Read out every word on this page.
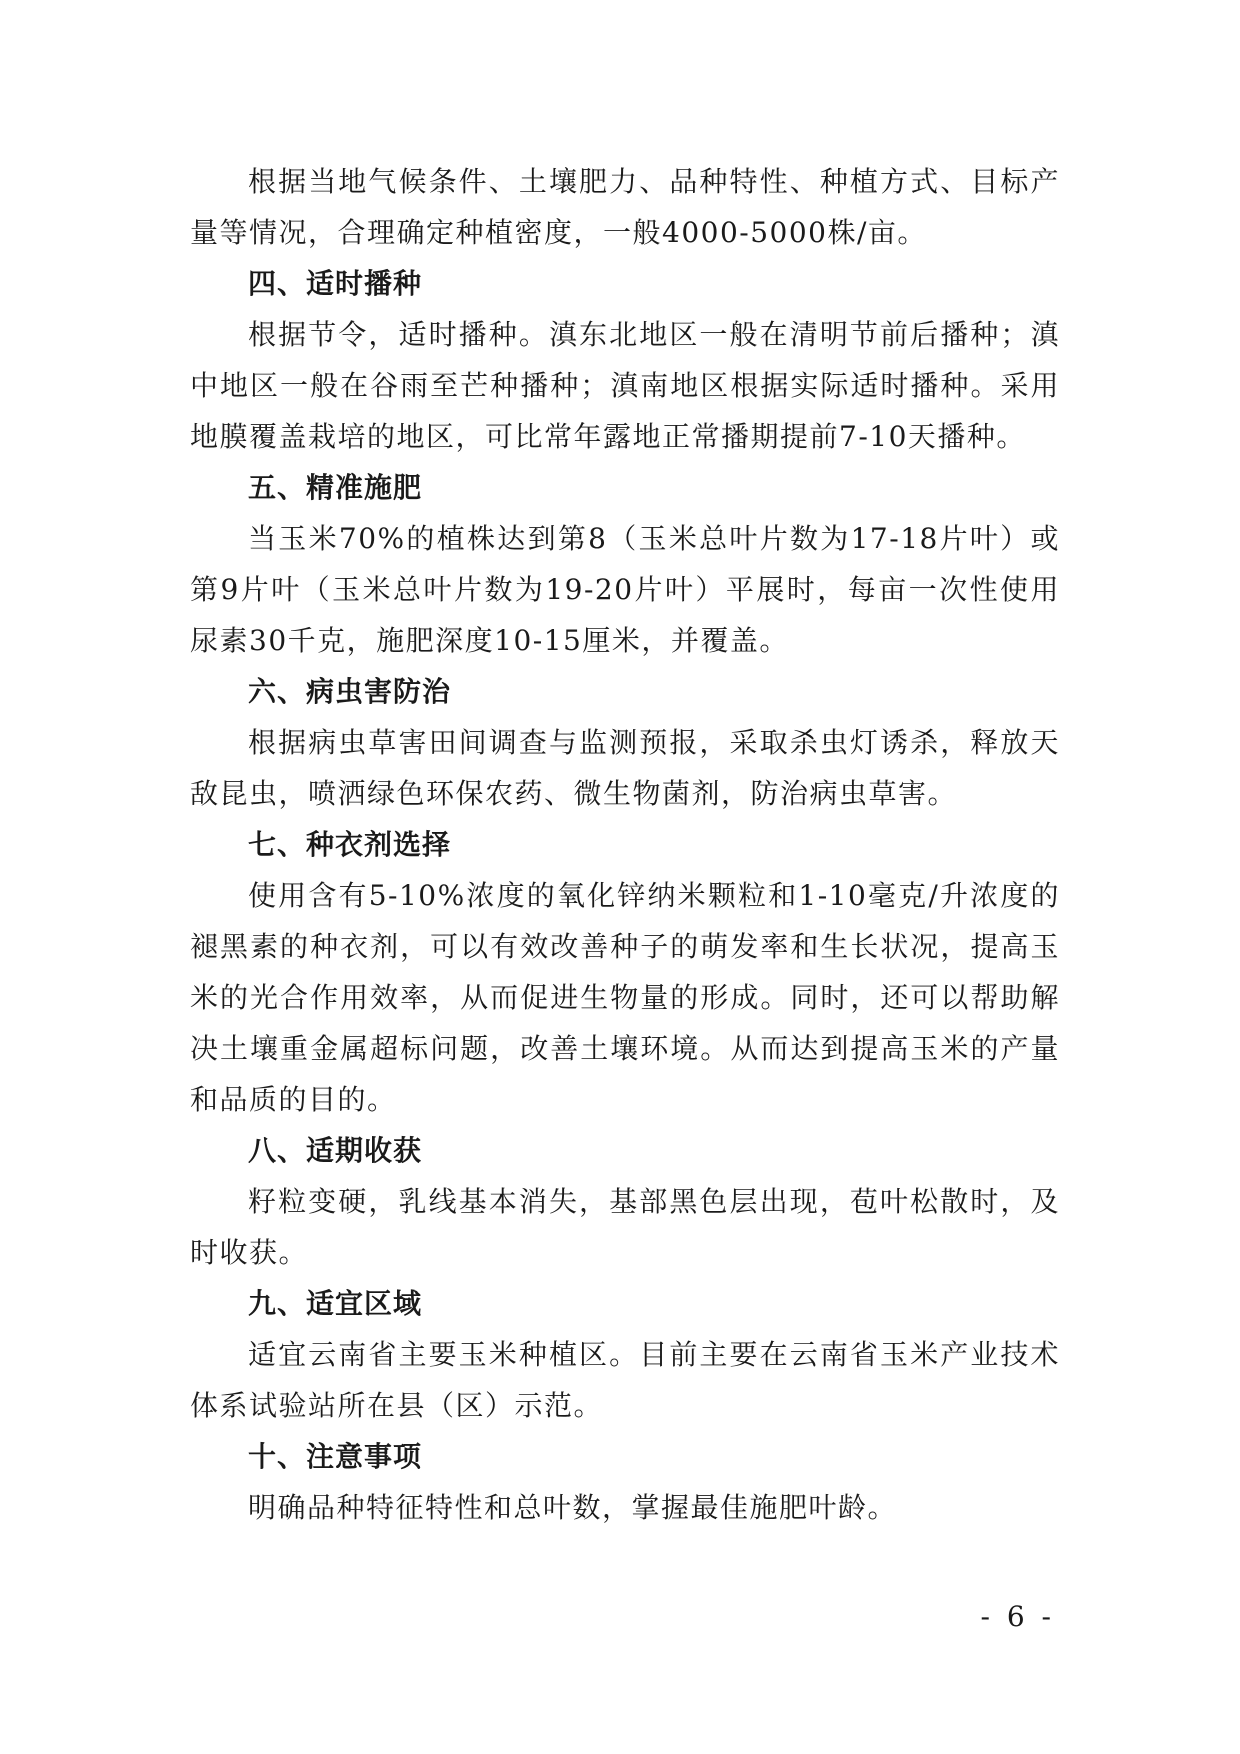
根据当地气候条件、土壤肥力、品种特性、种植方式、目标产量等情况，合理确定种植密度，一般4000-5000株/亩。

四、适时播种

根据节令，适时播种。滇东北地区一般在清明节前后播种；滇中地区一般在谷雨至芒种播种；滇南地区根据实际适时播种。采用地膜覆盖栽培的地区，可比常年露地正常播期提前7-10天播种。

五、精准施肥

当玉米70%的植株达到第8（玉米总叶片数为17-18片叶）或第9片叶（玉米总叶片数为19-20片叶）平展时，每亩一次性使用尿素30千克，施肥深度10-15厘米，并覆盖。

六、病虫害防治

根据病虫草害田间调查与监测预报，采取杀虫灯诱杀，释放天敌昆虫，喷洒绿色环保农药、微生物菌剂，防治病虫草害。

七、种衣剂选择

使用含有5-10%浓度的氧化锌纳米颗粒和1-10毫克/升浓度的褪黑素的种衣剂，可以有效改善种子的萌发率和生长状况，提高玉米的光合作用效率，从而促进生物量的形成。同时，还可以帮助解决土壤重金属超标问题，改善土壤环境。从而达到提高玉米的产量和品质的目的。

八、适期收获

籽粒变硬，乳线基本消失，基部黑色层出现，苞叶松散时，及时收获。

九、适宜区域

适宜云南省主要玉米种植区。目前主要在云南省玉米产业技术体系试验站所在县（区）示范。

十、注意事项

明确品种特征特性和总叶数，掌握最佳施肥叶龄。

- 6 -
